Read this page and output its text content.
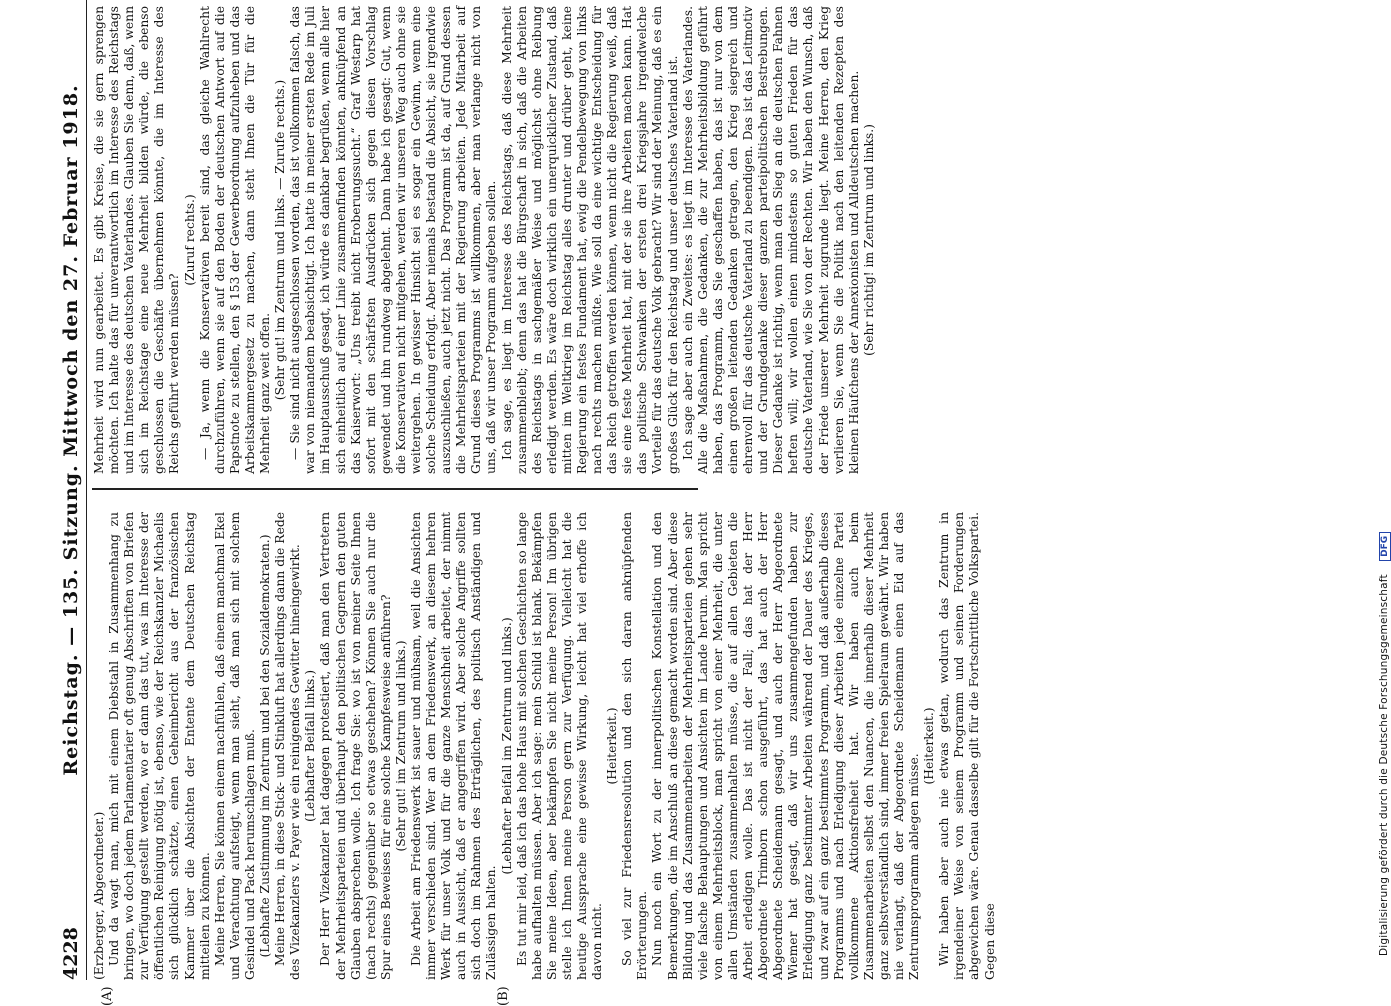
4228
Reichstag. — 135. Sitzung. Mittwoch den 27. Februar 1918.
(A)	(B)

(Erzberger, Abgeordneter.) Und da wagt man, mich mit einem Diebstahl in Zusammenhang zu bringen, wo doch jedem Parlamentarier oft genug Abschriften von Briefen zur Verfügung gestellt werden, wo er dann das tut, was im Interesse der öffentlichen Reinigung nötig ist, ebenso, wie der Reichskanzler Michaelis sich glücklich schätzte, einen Geheimbericht aus der französischen Kammer über die Absichten der Entente dem Deutschen Reichstag mitteilen zu können. Meine Herren, Sie können einem nachfühlen, daß einem manchmal Ekel und Verachtung aufsteigt, wenn man sieht, daß man sich mit solchem Gesindel und Pack herumschlagen muß. (Lebhafte Zustimmung im Zentrum und bei den Sozialdemokraten.) Meine Herren, in diese Stick- und Stinkluft hat allerdings dann die Rede des Vizekanzlers v. Payer wie ein reinigendes Gewitter hineingewirkt. (Lebhafter Beifall links.) Der Herr Vizekanzler hat dagegen protestiert, daß man den Vertretern der Mehrheitsparteien und überhaupt den politischen Gegnern den guten Glauben absprechen wolle. Ich frage Sie: wo ist von meiner Seite Ihnen (nach rechts) gegenüber so etwas geschehen? Können Sie auch nur die Spur eines Beweises für eine solche Kampfesweise anführen? (Sehr gut! im Zentrum und links.) Die Arbeit am Friedenswerk ist sauer und mühsam, weil die Ansichten immer verschieden sind. Wer an dem Friedenswerk, an diesem hehren Werk für unser Volk und für die ganze Menschheit arbeitet, der nimmt auch in Aussicht, daß er angegriffen wird. Aber solche Angriffe sollten sich doch im Rahmen des Erträglichen, des politisch Anständigen und Zulässigen halten.

(Lebhafter Beifall im Zentrum und links.) Es tut mir leid, daß ich das hohe Haus mit solchen Geschichten so lange habe aufhalten müssen. Aber ich sage: mein Schild ist blank. Bekämpfen Sie meine Ideen, aber bekämpfen Sie nicht meine Person! Im übrigen stelle ich Ihnen meine Person gern zur Verfügung. Vielleicht hat die heutige Aussprache eine gewisse Wirkung, leicht hat viel erhoffe ich davon nicht.

(Heiterkeit.) So viel zur Friedensresolution und den sich daran anknüpfenden Erörterungen. Nun noch ein Wort zu der innerpolitischen Konstellation und den Bemerkungen, die im Anschluß an diese gemacht worden sind. Aber diese Bildung und das Zusammenarbeiten der Mehrheitsparteien gehen sehr viele falsche Behauptungen und Ansichten im Lande herum. Man spricht von einem Mehrheitsblock, man spricht von einer Mehrheit, die unter allen Umständen zusammenhalten müsse, die auf allen Gebieten die Arbeit erledigen wolle. Das ist nicht der Fall; das hat der Herr Abgeordnete Trimborn schon ausgeführt, das hat auch der Herr Abgeordnete Scheidemann gesagt, und auch der Herr Abgeordnete Wiemer hat gesagt, daß wir uns zusammengefunden haben zur Erledigung ganz bestimmter Arbeiten während der Dauer des Krieges, und zwar auf ein ganz bestimmtes Programm, und daß außerhalb dieses Programms und nach Erledigung dieser Arbeiten jede einzelne Partei vollkommene Aktionsfreiheit hat. Wir haben auch beim Zusammenarbeiten selbst den Nuancen, die innerhalb dieser Mehrheit ganz selbstverständlich sind, immer freien Spielraum gewährt. Wir haben nie verlangt, daß der Abgeordnete Scheidemann einen Eid auf das Zentrumsprogramm ablegen müsse.

(Heiterkeit.) Wir haben aber auch nie etwas getan, wodurch das Zentrum in irgendeiner Weise von seinem Programm und seinen Forderungen abgewichen wäre. Genau dasselbe gilt für die Fortschrittliche Volkspartei. Gegen diese

Mehrheit wird nun gearbeitet. Es gibt Kreise, die sie gern sprengen möchten. Ich halte das für unverantwortlich im Interesse des Reichstags und im Interesse des deutschen Vaterlandes. Glauben Sie denn, daß, wenn sich im Reichstage eine neue Mehrheit bilden würde, die ebenso geschlossen die Geschäfte übernehmen könnte, die im Interesse des Reichs geführt werden müssen?

(Zuruf rechts.) — Ja, wenn die Konservativen bereit sind, das gleiche Wahlrecht durchzuführen, wenn sie auf den Boden der deutschen Antwort auf die Papstnote zu stellen, den § 153 der Gewerbeordnung aufzuheben und das Arbeitskammergesetz zu machen, dann steht Ihnen die Tür für die Mehrheit ganz weit offen. (Sehr gut! im Zentrum und links. — Zurufe rechts.) — Sie sind nicht ausgeschlossen worden, das ist vollkommen falsch, das war von niemandem beabsichtigt. Ich hatte in meiner ersten Rede im Juli im Hauptausschuß gesagt, ich würde es dankbar begrüßen, wenn alle hier sich einheitlich auf einer Linie zusammenfinden könnten, anknüpfend an das Kaiserwort: „Uns treibt nicht Eroberungssucht.“ Graf Westarp hat sofort mit den schärfsten Ausdrücken sich gegen diesen Vorschlag gewendet und ihn rundweg abgelehnt. Dann habe ich gesagt: Gut, wenn die Konservativen nicht mitgehen, werden wir unseren Weg auch ohne sie weitergehen. In gewisser Hinsicht sei es sogar ein Gewinn, wenn eine solche Scheidung erfolgt. Aber niemals bestand die Absicht, sie irgendwie auszuschließen, auch jetzt nicht. Das Programm ist da, auf Grund dessen die Mehrheitsparteien mit der Regierung arbeiten. Jede Mitarbeit auf Grund dieses Programms ist willkommen, aber man verlange nicht von uns, daß wir unser Programm aufgeben sollen. Ich sage, es liegt im Interesse des Reichstags, daß diese Mehrheit zusammenbleibt; denn das hat die Bürgschaft in sich, daß die Arbeiten des Reichstags in sachgemäßer Weise und möglichst ohne Reibung erledigt werden. Es wäre doch wirklich ein unerquicklicher Zustand, daß mitten im Weltkrieg im Reichstag alles drunter und drüber geht, keine Regierung ein festes Fundament hat, ewig die Pendelbewegung von links nach rechts machen müßte. Wie soll da eine wichtige Entscheidung für das Reich getroffen werden können, wenn nicht die Regierung weiß, daß sie eine feste Mehrheit hat, mit der sie ihre Arbeiten machen kann. Hat das politische Schwanken der ersten drei Kriegsjahre irgendwelche Vorteile für das deutsche Volk gebracht? Wir sind der Meinung, daß es ein großes Glück für den Reichstag und unser deutsches Vaterland ist. Ich sage aber auch ein Zweites: es liegt im Interesse des Vaterlandes. Alle die Maßnahmen, die Gedanken, die zur Mehrheitsbildung geführt haben, das Programm, das Sie geschaffen haben, das ist nur von dem einen großen leitenden Gedanken getragen, den Krieg siegreich und ehrenvoll für das deutsche Vaterland zu beendigen. Das ist das Leitmotiv und der Grundgedanke dieser ganzen parteipolitischen Bestrebungen. Dieser Gedanke ist richtig, wenn man den Sieg an die deutschen Fahnen heften will; wir wollen einen mindestens so guten Frieden für das deutsche Vaterland, wie Sie von der Rechten. Wir haben den Wunsch, daß der Friede unserer Mehrheit zugrunde liegt. Meine Herren, den Krieg verlieren Sie, wenn Sie die Politik nach den leitenden Rezepten des kleinen Häufchens der Annexionisten und Alldeutschen machen. (Sehr richtig! im Zentrum und links.)

Digitalisierung gefördert durch die Deutsche Forschungsgemeinschaft DFG
